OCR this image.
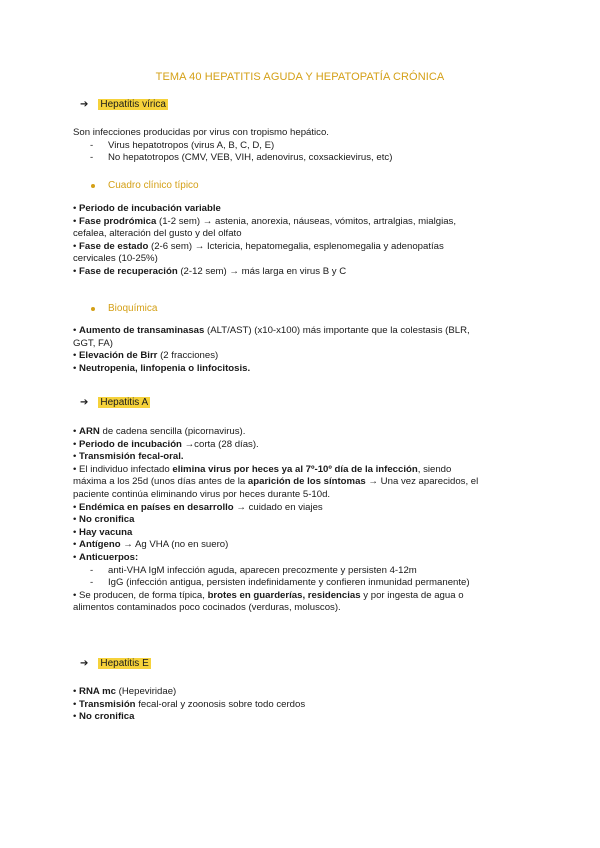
TEMA 40 HEPATITIS AGUDA Y HEPATOPATÍA CRÓNICA
➔ Hepatitis vírica

Son infecciones producidas por virus con tropismo hepático.

- Virus hepatotropos (virus A, B, C, D, E)
- No hepatotropos (CMV, VEB, VIH, adenovirus, coxsackievirus, etc)
Cuadro clínico típico

• Periodo de incubación variable

• Fase prodrómica (1-2 sem) → astenia, anorexia, náuseas, vómitos, artralgias, mialgias,

cefalea, alteración del gusto y del olfato

• Fase de estado (2-6 sem) → Ictericia, hepatomegalia, esplenomegalia y adenopatías

cervicales (10-25%)

• Fase de recuperación (2-12 sem) → más larga en virus B y C

Bioquímica

• Aumento de transaminasas (ALT/AST) (x10-x100) más importante que la colestasis (BLR,

GGT, FA)

• Elevación de Birr (2 fracciones)

• Neutropenia, linfopenia o linfocitosis.

➔ Hepatitis A

• ARN de cadena sencilla (picornavirus).

• Periodo de incubación →corta (28 días).

• Transmisión fecal-oral.

• El individuo infectado elimina virus por heces ya al 7º-10º día de la infección, siendo

máxima a los 25d (unos días antes de la aparición de los síntomas → Una vez aparecidos, el

paciente continúa eliminando virus por heces durante 5-10d.

• Endémica en países en desarrollo → cuidado en viajes

• No cronifica

• Hay vacuna

• Antígeno → Ag VHA (no en suero)

• Anticuerpos:

- anti-VHA IgM infección aguda, aparecen precozmente y persisten 4-12m
- IgG (infección antigua, persisten indefinidamente y confieren inmunidad permanente)

• Se producen, de forma típica, brotes en guarderías, residencias y por ingesta de agua o

alimentos contaminados poco cocinados (verduras, moluscos).

➔ Hepatitis E

• RNA mc (Hepeviridae)

• Transmisión fecal-oral y zoonosis sobre todo cerdos

• No cronifica
